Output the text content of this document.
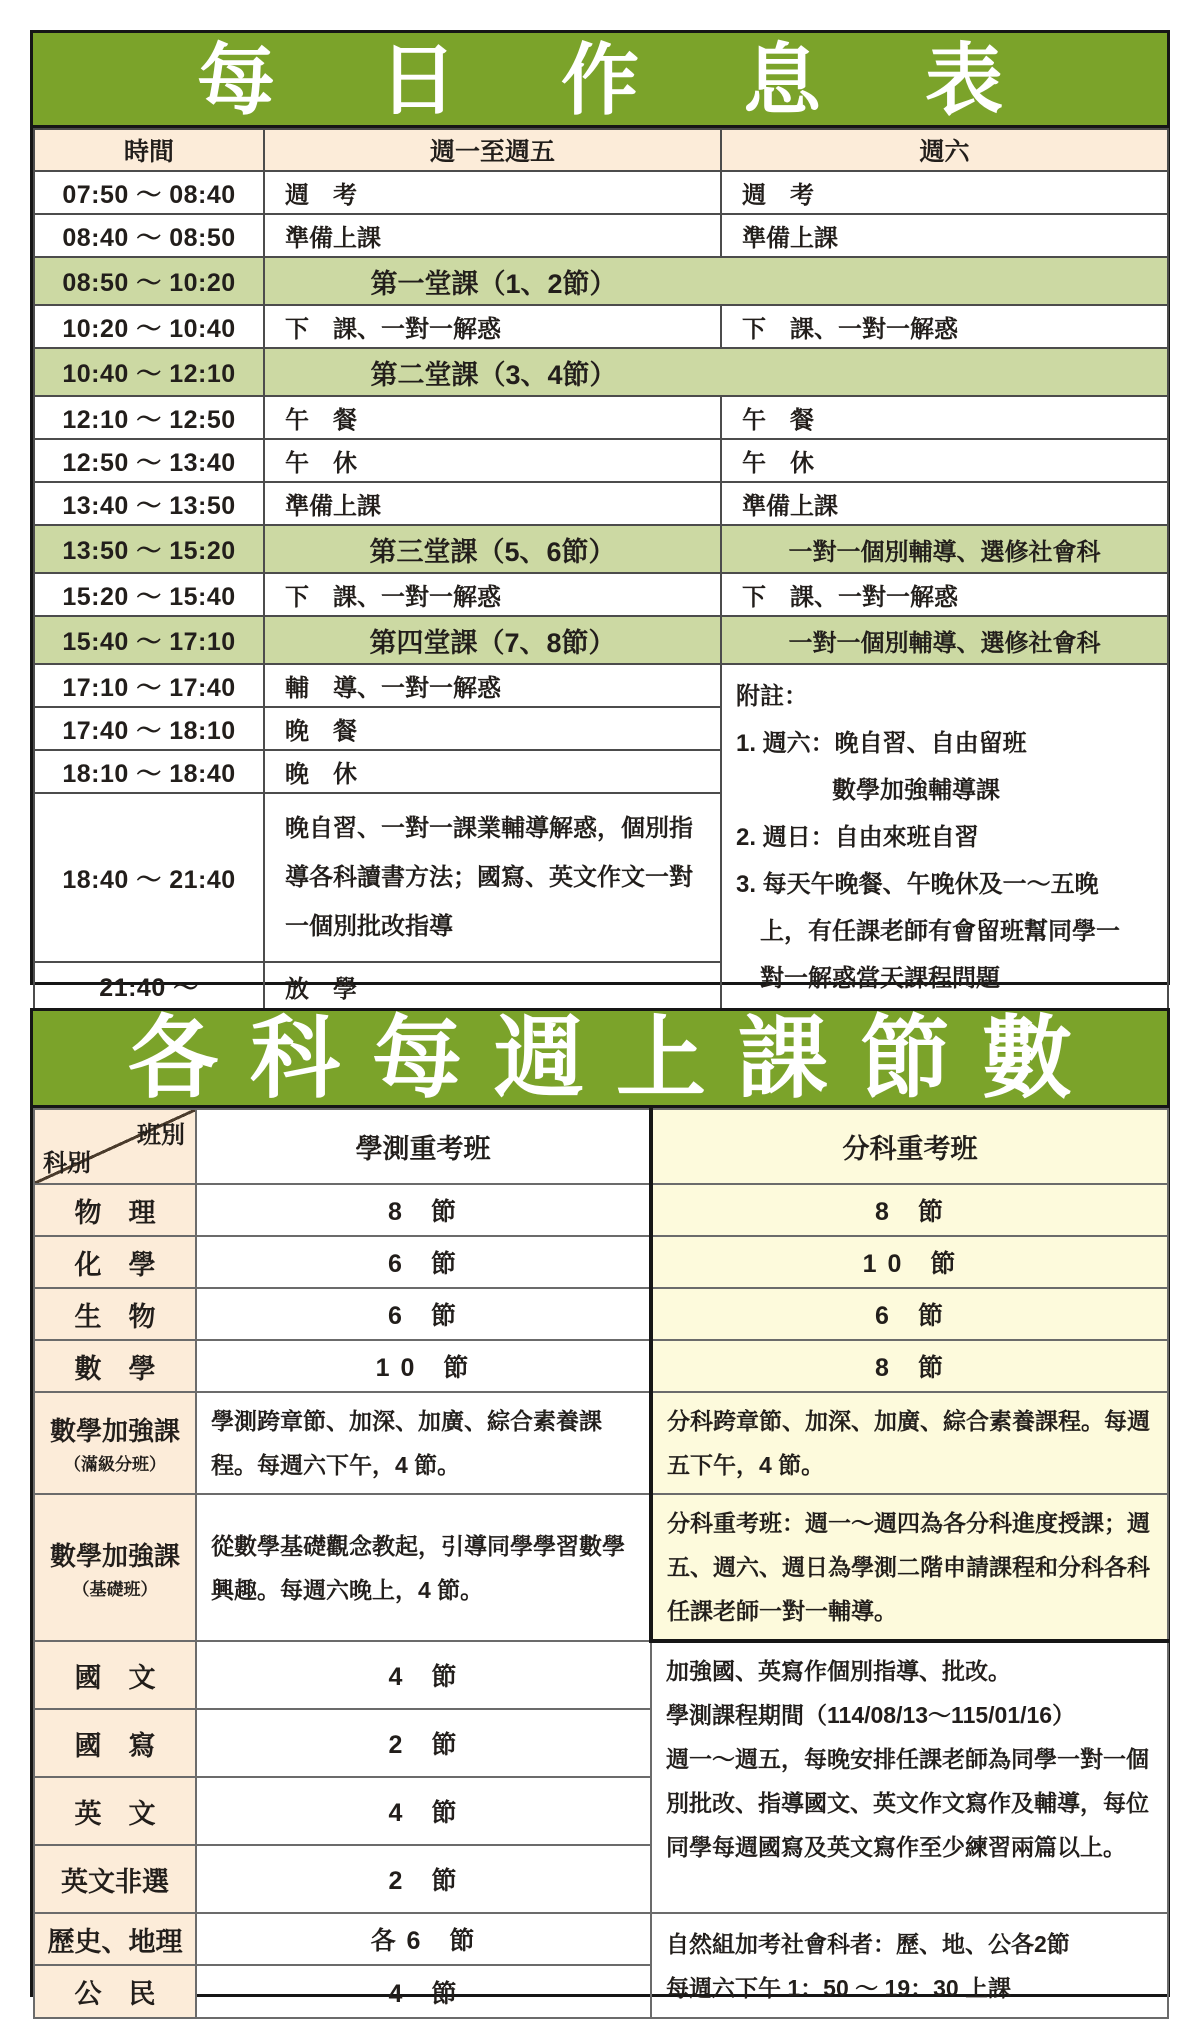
每日作息表
時間	週一至週五	週六
07:50 ～ 08:40	週　考	週　考
08:40 ～ 08:50	準備上課	準備上課
08:50 ～ 10:20	第一堂課（1、2節）	

10:20 ～ 10:40	下　課、一對一解惑	下　課、一對一解惑
10:40 ～ 12:10	第二堂課（3、4節）	

12:10 ～ 12:50	午　餐	午　餐
12:50 ～ 13:40	午　休	午　休
13:40 ～ 13:50	準備上課	準備上課
13:50 ～ 15:20	第三堂課（5、6節）	一對一個別輔導、選修社會科
15:20 ～ 15:40	下　課、一對一解惑	下　課、一對一解惑
15:40 ～ 17:10	第四堂課（7、8節）	一對一個別輔導、選修社會科
17:10 ～ 17:40	輔　導、一對一解惑	附註：
1. 週六：晚自習、自由留班
　　　　數學加強輔導課
2. 週日：自由來班自習
3. 每天午晚餐、午晚休及一～五晚
　上，有任課老師有會留班幫同學一
　對一解惑當天課程問題

17:40 ～ 18:10	晚　餐	
18:10 ～ 18:40	晚　休	
18:40 ～ 21:40	晚自習、一對一課業輔導解惑，個別指導各科讀書方法；國寫、英文作文一對一個別批改指導	
21:40 ～	放　學	
各科每週上課節數
班別
科別	學測重考班	分科重考班
物　理	8　節	8　節
化　學	6　節	1 0　節
生　物	6　節	6　節
數　學	1 0　節	8　節

數學加強課
（滿級分班）	學測跨章節、加深、加廣、綜合素養課程。每週六下午，4 節。	分科跨章節、加深、加廣、綜合素養課程。每週五下午，4 節。

數學加強課
（基礎班）	從數學基礎觀念教起，引導同學學習數學興趣。每週六晚上，4 節。	分科重考班：週一～週四為各分科進度授課；週五、週六、週日為學測二階申請課程和分科各科任課老師一對一輔導。
國　文	4　節	加強國、英寫作個別指導、批改。
學測課程期間（114/08/13～115/01/16）
週一～週五，每晚安排任課老師為同學一對一個別批改、指導國文、英文作文寫作及輔導，每位同學每週國寫及英文寫作至少練習兩篇以上。

國　寫	2　節	
英　文	4　節	
英文非選	2　節	
歷史、地理	各 6　節	自然組加考社會科者：歷、地、公各2節
每週六下午 1：50 ～ 19：30 上課

公　民	4　節	
